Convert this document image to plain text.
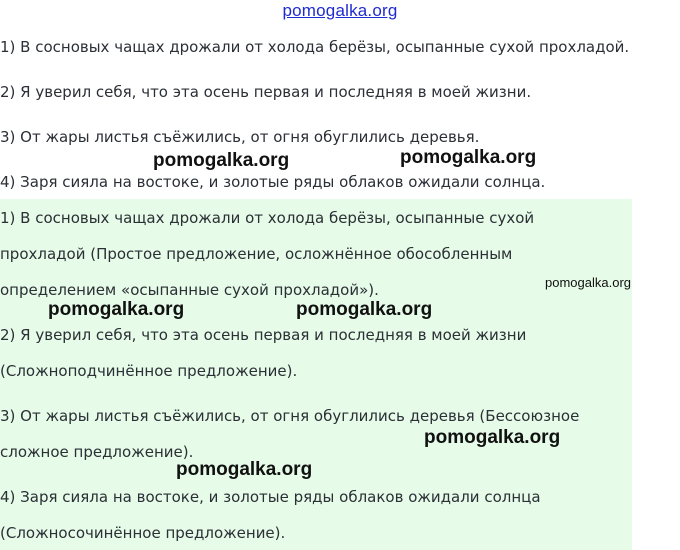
pomogalka.org
1) В сосновых чащах дрожали от холода берёзы, осыпанные сухой прохладой.
2) Я уверил себя, что эта осень первая и последняя в моей жизни.
3) От жары листья съёжились, от огня обуглились деревья.
4) Заря сияла на востоке, и золотые ряды облаков ожидали солнца.
1) В сосновых чащах дрожали от холода берёзы, осыпанные сухой
прохладой (Простое предложение, осложнённое обособленным
определением «осыпанные сухой прохладой»).
2) Я уверил себя, что эта осень первая и последняя в моей жизни
(Сложноподчинённое предложение).
3) От жары листья съёжились, от огня обуглились деревья (Бессоюзное
сложное предложение).
4) Заря сияла на востоке, и золотые ряды облаков ожидали солнца
(Сложносочинённое предложение).
pomogalka.org	pomogalka.org
pomogalka.org
pomogalka.org	pomogalka.org
pomogalka.org
pomogalka.org
